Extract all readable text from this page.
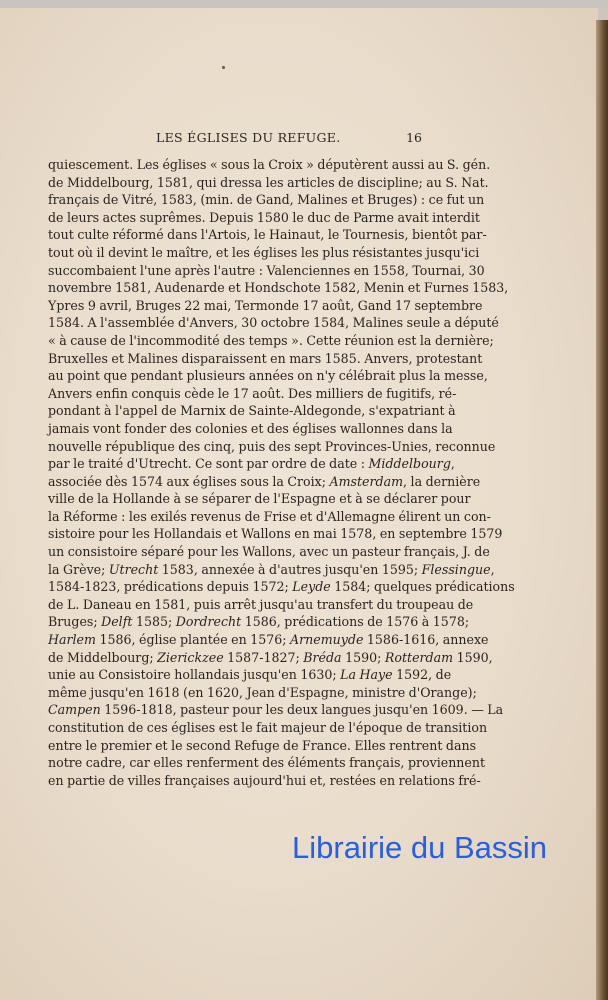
LES ÉGLISES DU REFUGE.	16
quiescement. Les églises « sous la Croix » députèrent aussi au S. gén.
de Middelbourg, 1581, qui dressa les articles de discipline; au S. Nat.
français de Vitré, 1583, (min. de Gand, Malines et Bruges) : ce fut un
de leurs actes suprêmes. Depuis 1580 le duc de Parme avait interdit
tout culte réformé dans l'Artois, le Hainaut, le Tournesis, bientôt par-
tout où il devint le maître, et les églises les plus résistantes jusqu'ici
succombaient l'une après l'autre : Valenciennes en 1558, Tournai, 30
novembre 1581, Audenarde et Hondschote 1582, Menin et Furnes 1583,
Ypres 9 avril, Bruges 22 mai, Termonde 17 août, Gand 17 septembre
1584. A l'assemblée d'Anvers, 30 octobre 1584, Malines seule a député
« à cause de l'incommodité des temps ». Cette réunion est la dernière;
Bruxelles et Malines disparaissent en mars 1585. Anvers, protestant
au point que pendant plusieurs années on n'y célébrait plus la messe,
Anvers enfin conquis cède le 17 août. Des milliers de fugitifs, ré-
pondant à l'appel de Marnix de Sainte-Aldegonde, s'expatriant à
jamais vont fonder des colonies et des églises wallonnes dans la
nouvelle république des cinq, puis des sept Provinces-Unies, reconnue
par le traité d'Utrecht. Ce sont par ordre de date : Middelbourg,
associée dès 1574 aux églises sous la Croix; Amsterdam, la dernière
ville de la Hollande à se séparer de l'Espagne et à se déclarer pour
la Réforme : les exilés revenus de Frise et d'Allemagne élirent un con-
sistoire pour les Hollandais et Wallons en mai 1578, en septembre 1579
un consistoire séparé pour les Wallons, avec un pasteur français, J. de
la Grève; Utrecht 1583, annexée à d'autres jusqu'en 1595; Flessingue,
1584-1823, prédications depuis 1572; Leyde 1584; quelques prédications
de L. Daneau en 1581, puis arrêt jusqu'au transfert du troupeau de
Bruges; Delft 1585; Dordrecht 1586, prédications de 1576 à 1578;
Harlem 1586, église plantée en 1576; Arnemuyde 1586-1616, annexe
de Middelbourg; Zierickzee 1587-1827; Bréda 1590; Rotterdam 1590,
unie au Consistoire hollandais jusqu'en 1630; La Haye 1592, de
même jusqu'en 1618 (en 1620, Jean d'Espagne, ministre d'Orange);
Campen 1596-1818, pasteur pour les deux langues jusqu'en 1609. — La
constitution de ces églises est le fait majeur de l'époque de transition
entre le premier et le second Refuge de France. Elles rentrent dans
notre cadre, car elles renferment des éléments français, proviennent
en partie de villes françaises aujourd'hui et, restées en relations fré-
Librairie du Bassin
